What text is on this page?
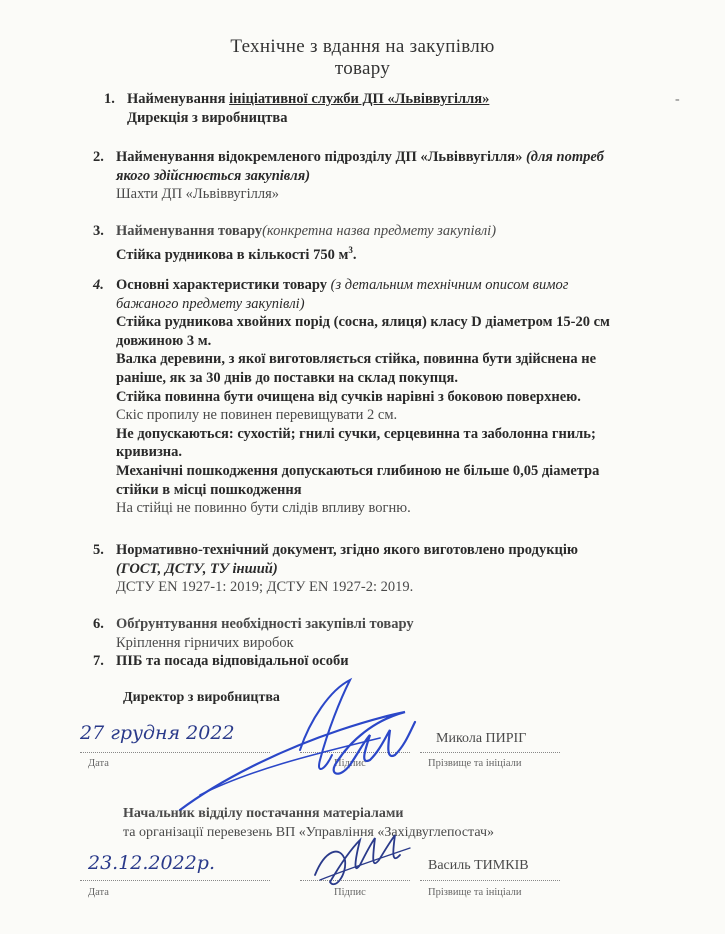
Технічне з вдання на закупівлю
товару
-
1. Найменування ініціативної служби ДП «Львіввугілля»
Дирекція з виробництва
2. Найменування відокремленого підрозділу ДП «Львіввугілля» (для потреб
якого здійснюється закупівля)
Шахти ДП «Львіввугілля»
3. Найменування товару(конкретна назва предмету закупівлі)
Стійка рудникова в кількості 750 $м^3$.
4. Основні характеристики товару (з детальним технічним описом вимог
бажаного предмету закупівлі)
Стійка рудникова хвойних порід (сосна, ялиця) класу D діаметром 15-20 см
довжиною 3 м.
Валка деревини, з якої виготовляється стійка, повинна бути здійснена не
раніше, як за 30 днів до поставки на склад покупця.
Стійка повинна бути очищена від сучків нарівні з боковою поверхнею.
Скіс пропилу не повинен перевищувати 2 см.
Не допускаються: сухостій; гнилі сучки, серцевинна та заболонна гниль;
кривизна.
Механічні пошкодження допускаються глибиною не більше 0,05 діаметра
стійки в місці пошкодження
На стійці не повинно бути слідів впливу вогню.
5. Нормативно-технічний документ, згідно якого виготовлено продукцію
(ГОСТ, ДСТУ, ТУ інший)
ДСТУ EN 1927-1: 2019; ДСТУ EN 1927-2: 2019.
6. Обґрунтування необхідності закупівлі товару
Кріплення гірничих виробок
7. ПІБ та посада відповідальної особи
Директор з виробництва
27 грудня 2022
Дата	Підпис
Микола ПИРІГ
Прізвище та ініціали
Начальник відділу постачання матеріалами
та організації перевезень ВП «Управління «Західвуглепостач»
23.12.2022р.
Дата	Підпис
Василь ТИМКІВ
Прізвище та ініціали
